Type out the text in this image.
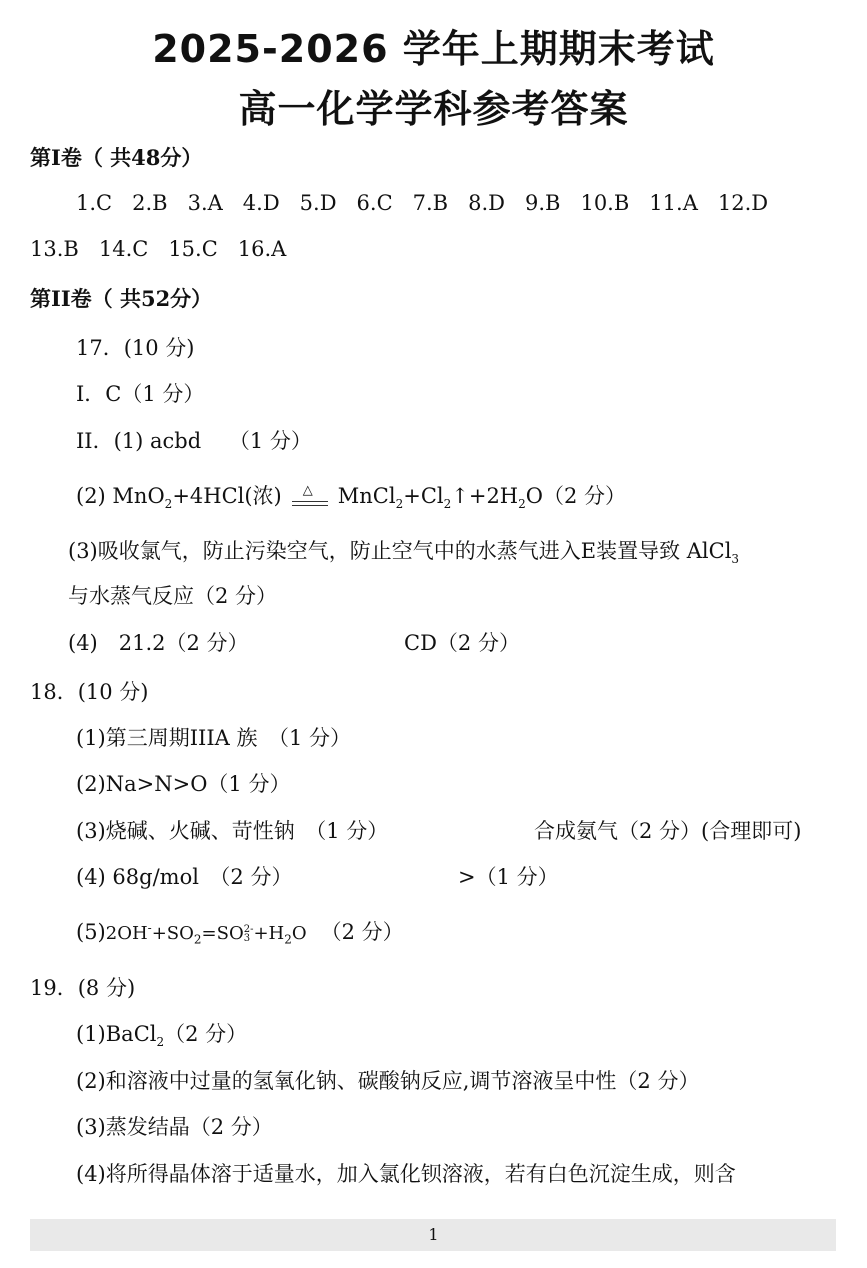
2025-2026 学年上期期末考试
高一化学学科参考答案

第Ⅰ卷（ 共48分）

1.C 2.B 3.A 4.D 5.D 6.C 7.B 8.D 9.B 10.B 11.A 12.D

13.B 14.C 15.C 16.A

第II卷（ 共52分）

17．(10 分)

I．C（1 分）

II．(1) acbd　 （1 分）

(2) MnO$_2$+4HCl(浓) △ $MnCl_2+Cl_2↑+2H_2O(2$ 分）

(3)吸收氯气，防止污染空气，防止空气中的水蒸气进入E装置导致 AlCl$_3$

与水蒸气反应（2 分）

(4)　21.2（2 分）	CD（2 分）

18．(10 分)

(1)第三周期IIIA 族　（1 分）

(2)Na>N>O（1 分）

(3)烧碱、火碱、苛性钠　（1 分）	合成氨气（2 分）(合理即可)

(4) 68g/mol　（2 分）	>（1 分）

$(5)2OH^-+SO_2=SO$ 2-
$3 +H_2O$ （2 分）

19．(8 分)

(1)BaCl$_2$（2 分）

(2)和溶液中过量的氢氧化钠、碳酸钠反应,调节溶液呈中性（2 分）

(3)蒸发结晶（2 分）

(4)将所得晶体溶于适量水，加入氯化钡溶液，若有白色沉淀生成，则含

1
